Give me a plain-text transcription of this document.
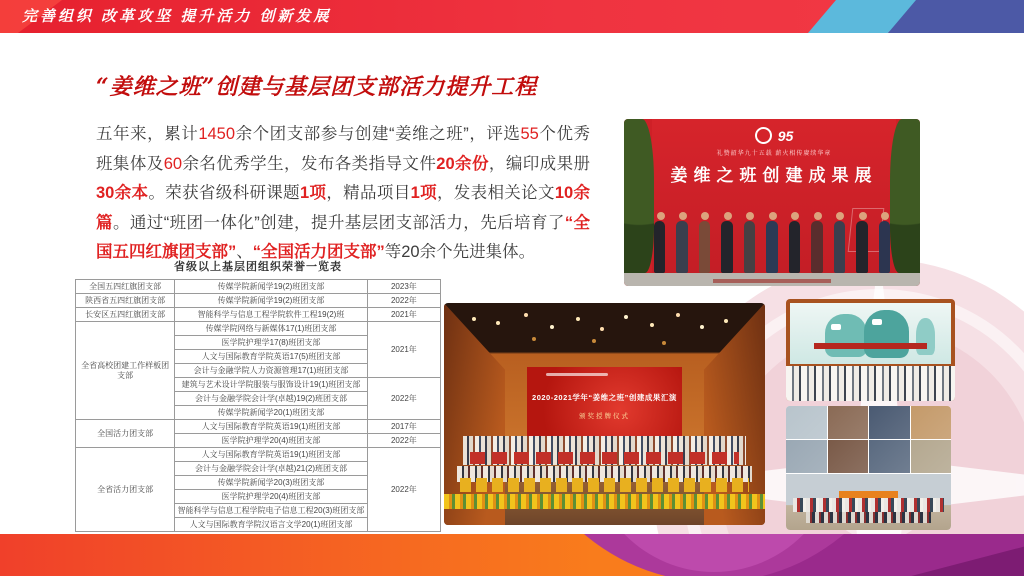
完善组织 改革攻坚 提升活力 创新发展
“姜维之班”创建与基层团支部活力提升工程
五年来，累计1450余个团支部参与创建“姜维之班”，评选55个优秀班集体及60余名优秀学生，发布各类指导文件20余份，编印成果册30余本。荣获省级科研课题1项，精品项目1项，发表相关论文10余篇。通过“班团一体化”创建，提升基层团支部活力，先后培育了“全国五四红旗团支部”、“全国活力团支部”等20余个先进集体。
省级以上基层团组织荣誉一览表
全国五四红旗团支部	传媒学院新闻学19(2)班团支部	2023年
陕西省五四红旗团支部	传媒学院新闻学19(2)班团支部	2022年
长安区五四红旗团支部	智能科学与信息工程学院软件工程19(2)班	2021年
全省高校团建工作样板团支部	传媒学院网络与新媒体17(1)班团支部	2021年
	医学院护理学17(8)班团支部	
	人文与国际教育学院英语17(5)班团支部	
	会计与金融学院人力资源管理17(1)班团支部	
	建筑与艺术设计学院服装与服饰设计19(1)班团支部	2022年
	会计与金融学院会计学(卓越)19(2)班团支部	
	传媒学院新闻学20(1)班团支部	
全国活力团支部	人文与国际教育学院英语19(1)班团支部	2017年
	医学院护理学20(4)班团支部	2022年
全省活力团支部	人文与国际教育学院英语19(1)班团支部	2022年
	会计与金融学院会计学(卓越)21(2)班团支部	
	传媒学院新闻学20(3)班团支部	
	医学院护理学20(4)班团支部	
	智能科学与信息工程学院电子信息工程20(3)班团支部	
	人文与国际教育学院汉语言文学20(1)班团支部	
95
礼赞韶华九十五载 薪火相传赓续华章
姜维之班创建成果展
2020-2021学年“姜维之班”创建成果汇演
颁奖授牌仪式
